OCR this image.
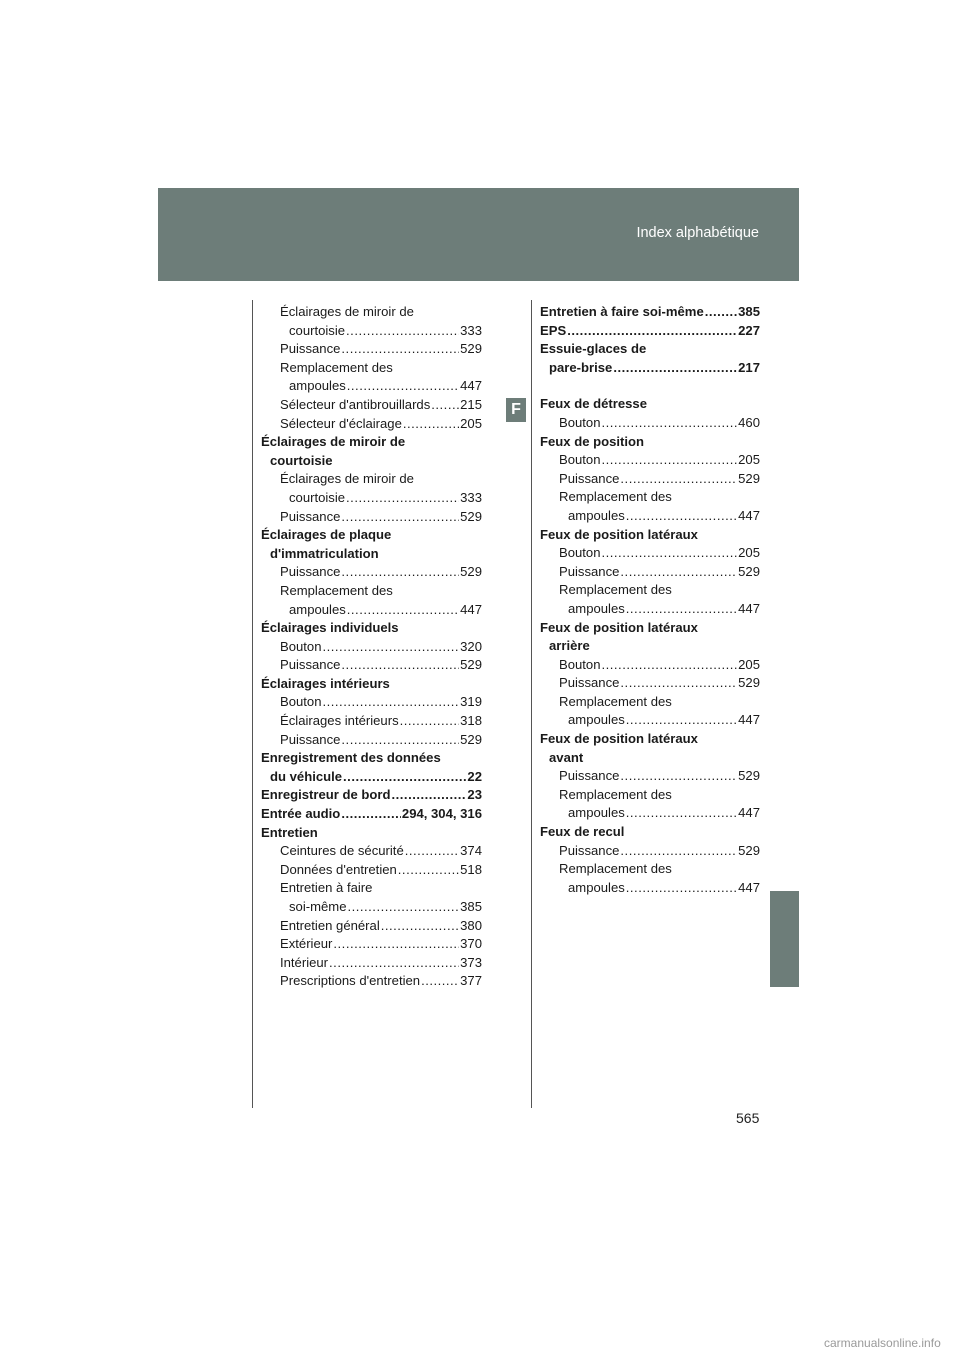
Index alphabétique
F
Éclairages de miroir de
courtoisie .....	333
Puissance .....	529
Remplacement des
ampoules .....	447
Sélecteur d'antibrouillards ..... 215
Sélecteur d'éclairage .....	205
Éclairages de miroir de
courtoisie
Éclairages de miroir de
courtoisie .....	333
Puissance .....	529
Éclairages de plaque
d'immatriculation
Puissance .....	529
Remplacement des
ampoules .....	447
Éclairages individuels
Bouton .....	320
Puissance .....	529
Éclairages intérieurs
Bouton .....	319
Éclairages intérieurs .....	318
Puissance .....	529
Enregistrement des données
du véhicule .....	22
Enregistreur de bord .....	23
Entrée audio .....	294, 304, 316
Entretien
Ceintures de sécurité .....	374
Données d'entretien .....	518
Entretien à faire
soi-même .....	385
Entretien général .....	380
Extérieur .....	370
Intérieur .....	373
Prescriptions d'entretien .....	377
Entretien à faire soi-même .....	385
EPS .....	227
Essuie-glaces de
pare-brise .....	217
Feux de détresse
Bouton .....	460
Feux de position
Bouton .....	205
Puissance .....	529
Remplacement des
ampoules .....	447
Feux de position latéraux
Bouton .....	205
Puissance .....	529
Remplacement des
ampoules .....	447
Feux de position latéraux
arrière
Bouton .....	205
Puissance .....	529
Remplacement des
ampoules .....	447
Feux de position latéraux
avant
Puissance .....	529
Remplacement des
ampoules .....	447
Feux de recul
Puissance .....	529
Remplacement des
ampoules .....	447
565
carmanualsonline.info
